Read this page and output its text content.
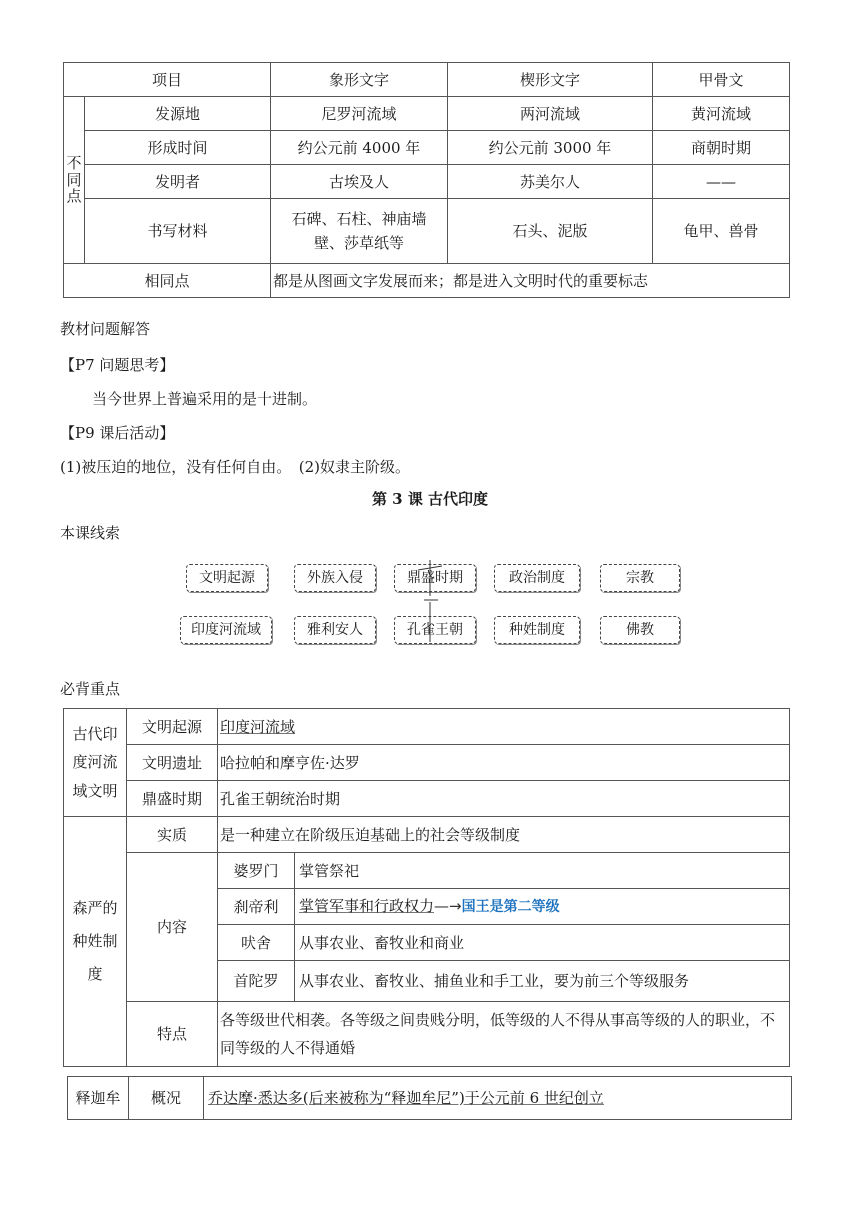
项目		象形文字	楔形文字	甲骨文
不同点	发源地	尼罗河流域	两河流域	黄河流域
	形成时间	约公元前 4000 年	约公元前 3000 年	商朝时期
	发明者	古埃及人	苏美尔人	——
	书写材料	石碑、石柱、神庙墙壁、莎草纸等	石头、泥版	龟甲、兽骨
相同点		都是从图画文字发展而来；都是进入文明时代的重要标志		
教材问题解答
【P7 问题思考】
当今世界上普遍采用的是十进制。
【P9 课后活动】
(1)被压迫的地位，没有任何自由。　(2)奴隶主阶级。
第 3 课 古代印度
本课线索
文明起源	外族入侵	鼎盛时期	政治制度	宗教
印度河流域	雅利安人	孔雀王朝	种姓制度	佛教
必背重点
古代印度河流域文明	文明起源	印度河流域	
	文明遗址	哈拉帕和摩亨佐·达罗	
	鼎盛时期	孔雀王朝统治时期	
森严的种姓制度	实质	是一种建立在阶级压迫基础上的社会等级制度	
	内容	婆罗门	掌管祭祀
		刹帝利	掌管军事和行政权力—→国王是第二等级
		吠舍	从事农业、畜牧业和商业
		首陀罗	从事农业、畜牧业、捕鱼业和手工业，要为前三个等级服务
	特点	各等级世代相袭。各等级之间贵贱分明，低等级的人不得从事高等级的人的职业，不同等级的人不得通婚	
释迦牟	概况	乔达摩·悉达多(后来被称为“释迦牟尼”)于公元前 6 世纪创立
